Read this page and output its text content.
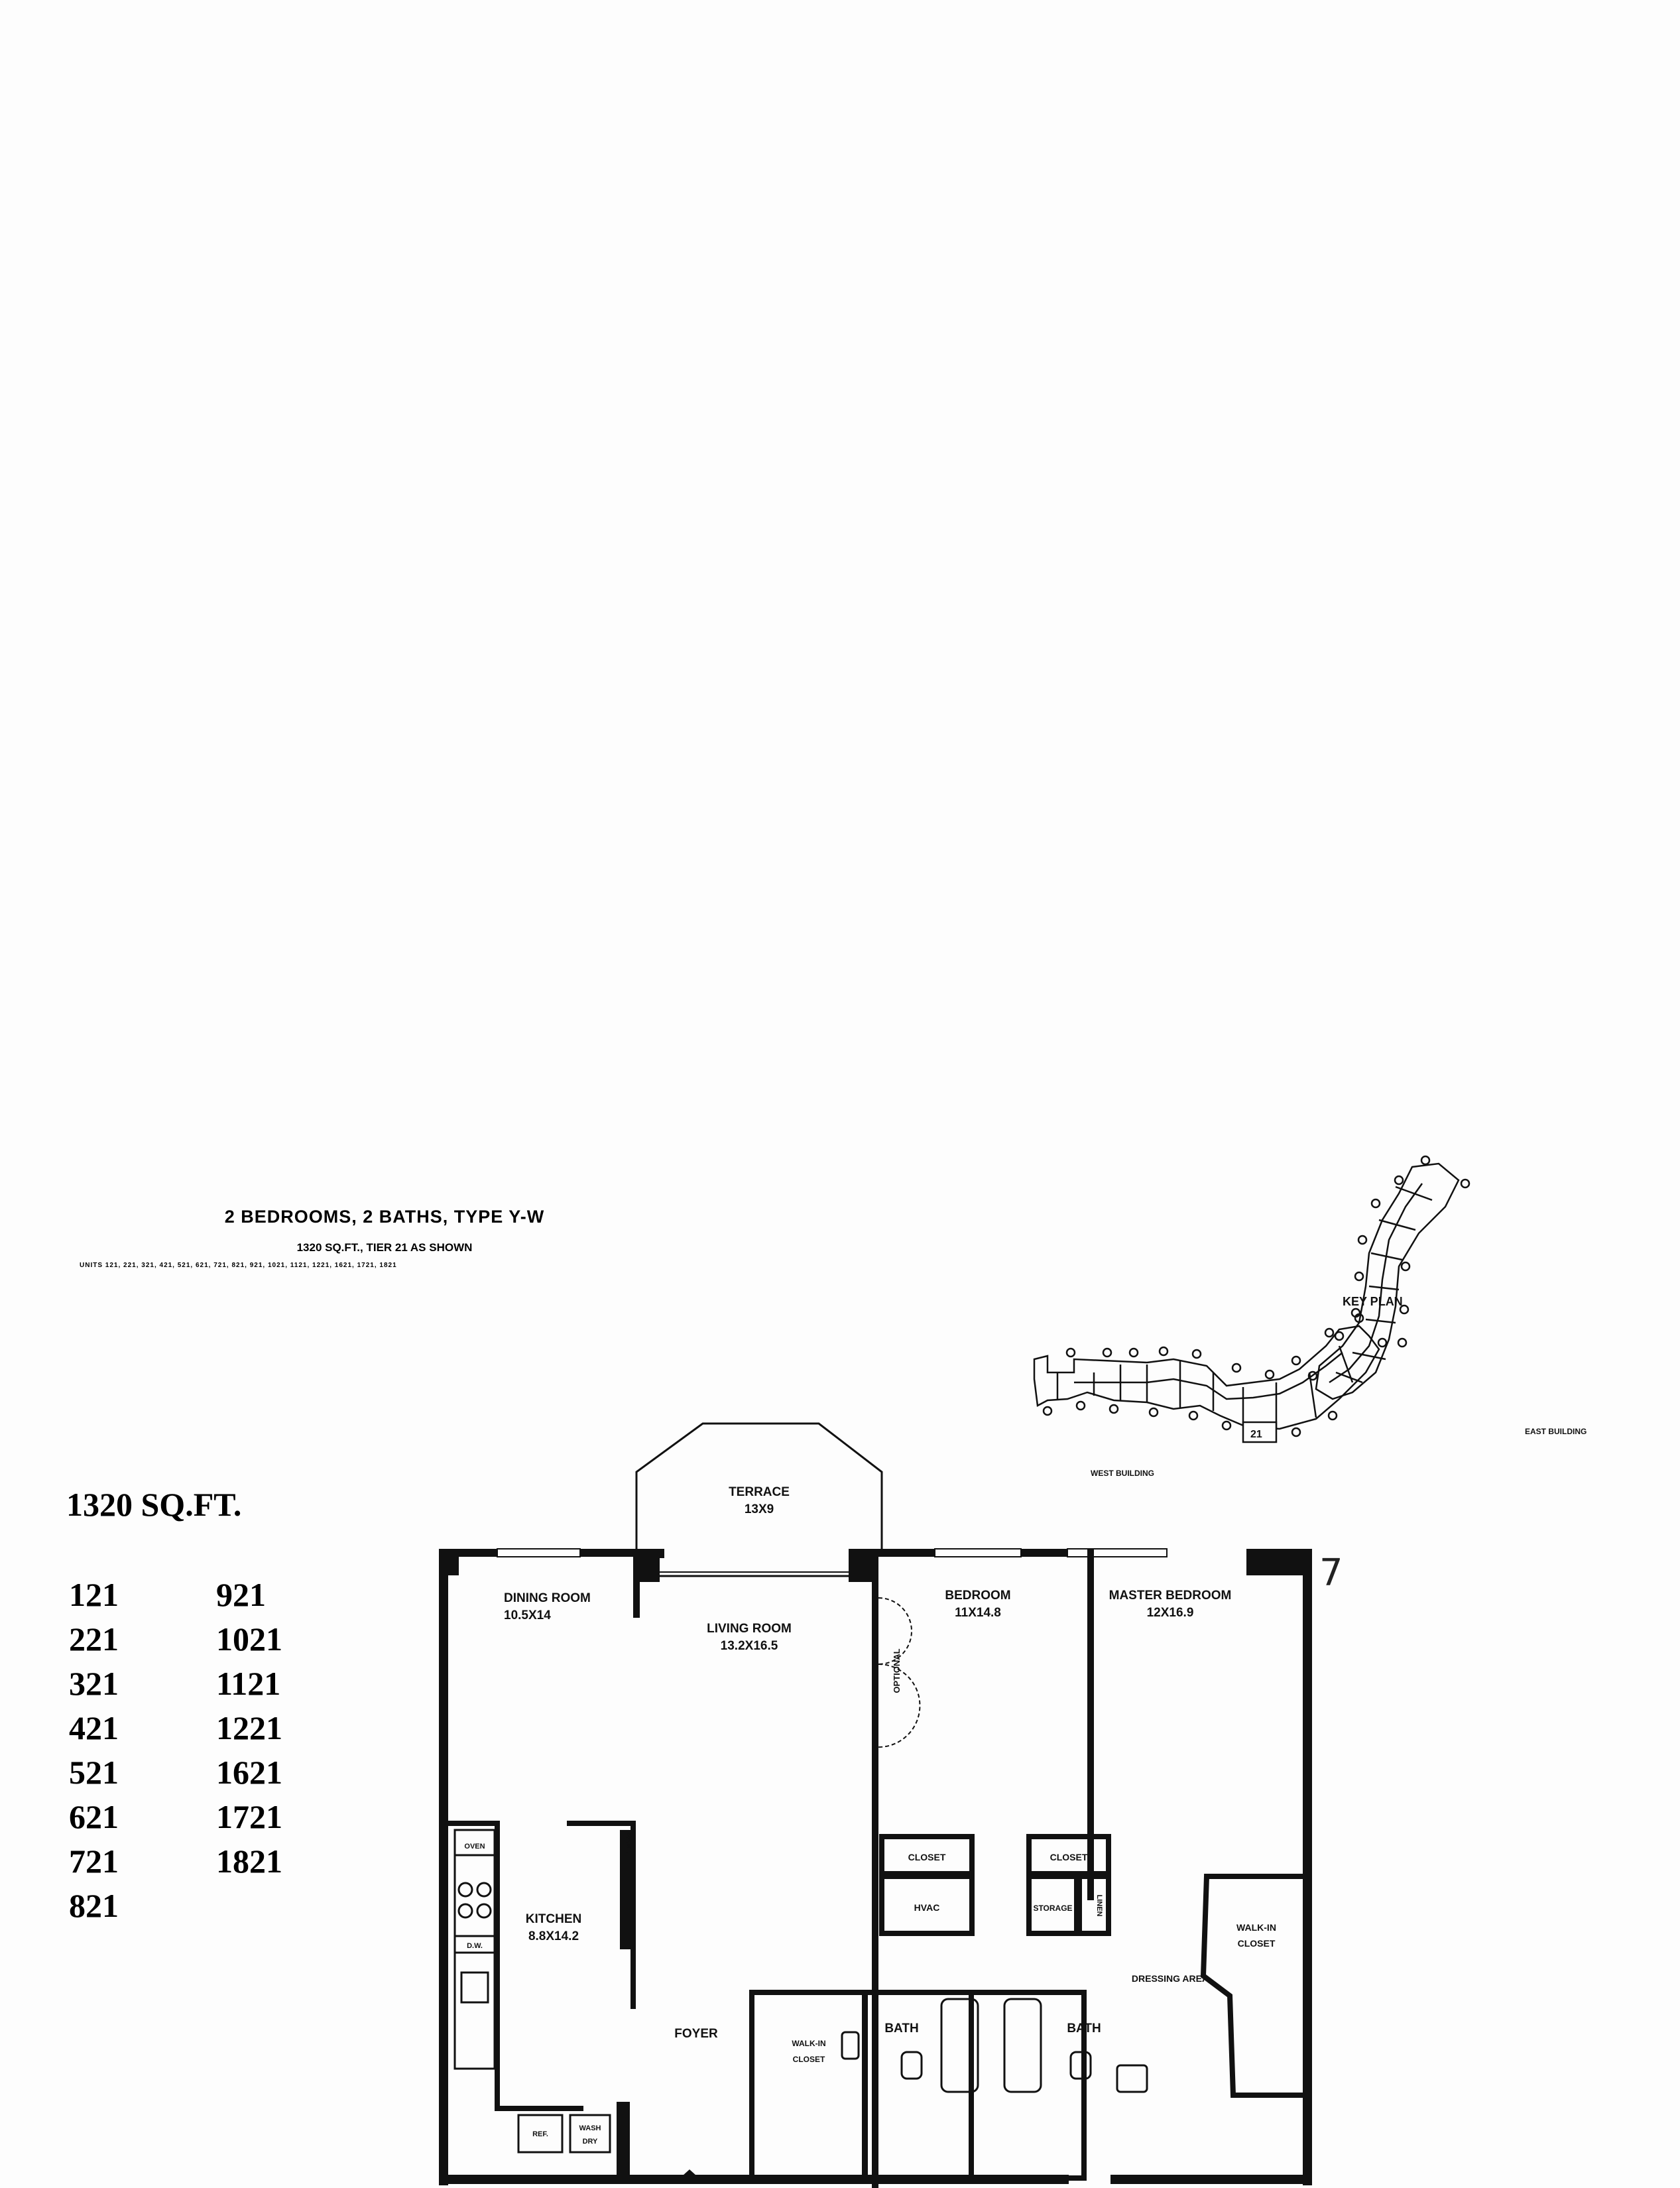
2 BEDROOMS, 2 BATHS, TYPE Y-W
1320 SQ.FT., TIER 21 AS SHOWN
UNITS 121, 221, 321, 421, 521, 621, 721, 821, 921, 1021, 1121, 1221, 1621, 1721, 1821
1320 SQ.FT.
121	921
221	1021
321	1121
421	1221
521	1621
621	1721
721	1821
821
7
KEY PLAN
21
WEST BUILDING
EAST BUILDING
TERRACE
13X9
DINING ROOM
10.5X14
LIVING ROOM
13.2X16.5
BEDROOM
11X14.8
MASTER BEDROOM
12X16.9
OPTIONAL
CLOSET
HVAC
CLOSET
STORAGE	LINEN
WALK-IN
CLOSET
DRESSING AREA
WALK-IN
CLOSET
BATH	BATH
FOYER
PANT.
OVEN
D.W.
KITCHEN
8.8X14.2
REF.
WASH
DRY
